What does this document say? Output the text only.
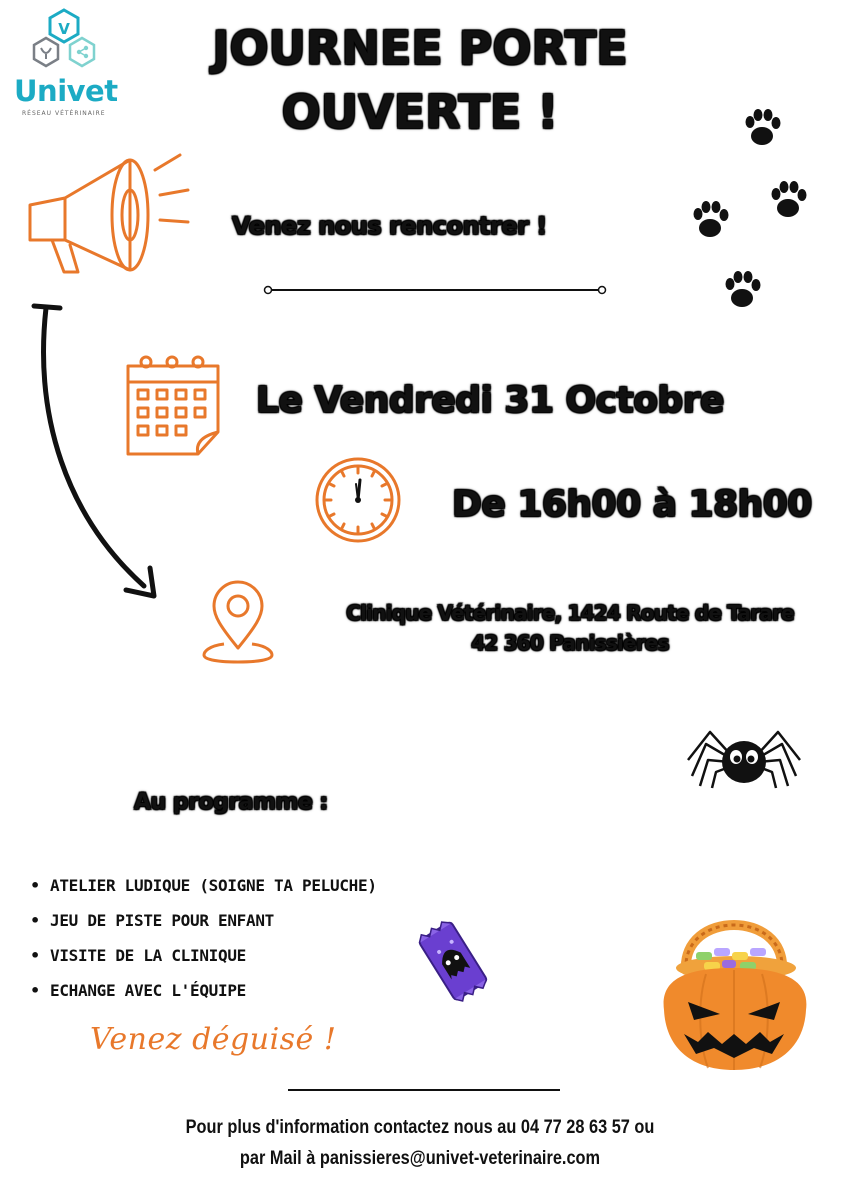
V
Univet
RÉSEAU VÉTÉRINAIRE
JOURNEE PORTE
OUVERTE !
Venez nous rencontrer !
Le Vendredi 31 Octobre
De 16h00 à 18h00
Clinique Vétérinaire, 1424 Route de Tarare
42 360 Panissières
Au programme :
• ATELIER LUDIQUE (SOIGNE TA PELUCHE)
• JEU DE PISTE POUR ENFANT
• VISITE DE LA CLINIQUE
• ECHANGE AVEC L'ÉQUIPE
Venez déguisé !
Pour plus d'information contactez nous au 04 77 28 63 57 ou
par Mail à panissieres@univet-veterinaire.com
